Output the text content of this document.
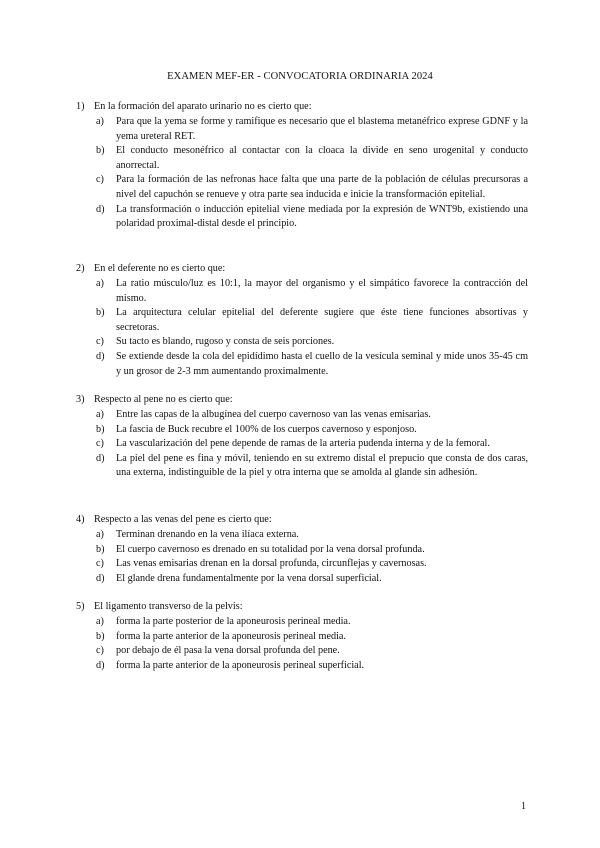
EXAMEN MEF-ER - CONVOCATORIA ORDINARIA 2024
1) En la formación del aparato urinario no es cierto que:
a) Para que la yema se forme y ramifique es necesario que el blastema metanéfrico exprese GDNF y la yema ureteral RET.
b) El conducto mesonéfrico al contactar con la cloaca la divide en seno urogenital y conducto anorrectal.
c) Para la formación de las nefronas hace falta que una parte de la población de células precursoras a nivel del capuchón se renueve y otra parte sea inducida e inicie la transformación epitelial.
d) La transformación o inducción epitelial viene mediada por la expresión de WNT9b, existiendo una polaridad proximal-distal desde el principio.
2) En el deferente no es cierto que:
a) La ratio músculo/luz es 10:1, la mayor del organismo y el simpático favorece la contracción del mismo.
b) La arquitectura celular epitelial del deferente sugiere que éste tiene funciones absortivas y secretoras.
c) Su tacto es blando, rugoso y consta de seis porciones.
d) Se extiende desde la cola del epidídimo hasta el cuello de la vesícula seminal y mide unos 35-45 cm y un grosor de 2-3 mm aumentando proximalmente.
3) Respecto al pene no es cierto que:
a) Entre las capas de la albugínea del cuerpo cavernoso van las venas emisarias.
b) La fascia de Buck recubre el 100% de los cuerpos cavernoso y esponjoso.
c) La vascularización del pene depende de ramas de la arteria pudenda interna y de la femoral.
d) La piel del pene es fina y móvil, teniendo en su extremo distal el prepucio que consta de dos caras, una externa, indistinguible de la piel y otra interna que se amolda al glande sin adhesión.
4) Respecto a las venas del pene es cierto que:
a) Terminan drenando en la vena ilíaca externa.
b) El cuerpo cavernoso es drenado en su totalidad por la vena dorsal profunda.
c) Las venas emisarias drenan en la dorsal profunda, circunflejas y cavernosas.
d) El glande drena fundamentalmente por la vena dorsal superficial.
5) El ligamento transverso de la pelvis:
a) forma la parte posterior de la aponeurosis perineal media.
b) forma la parte anterior de la aponeurosis perineal media.
c) por debajo de él pasa la vena dorsal profunda del pene.
d) forma la parte anterior de la aponeurosis perineal superficial.
1
